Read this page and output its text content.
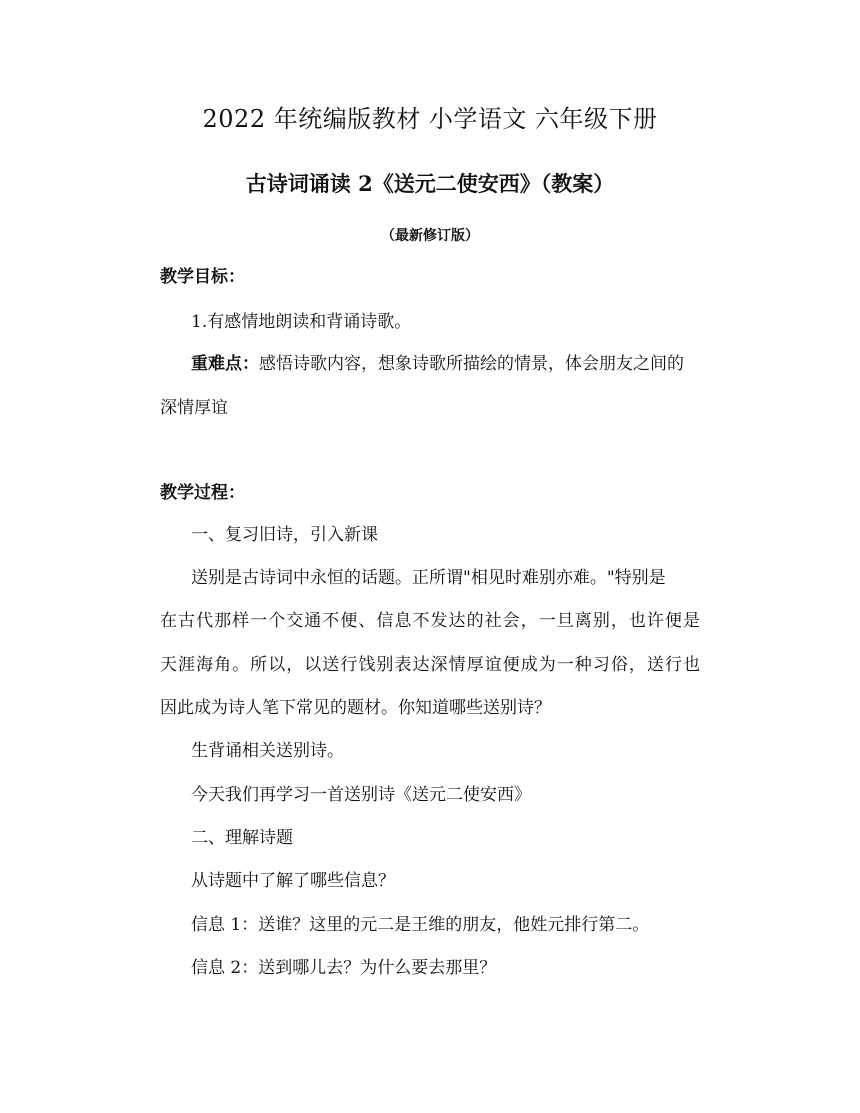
2022 年统编版教材 小学语文 六年级下册
古诗词诵读 2《送元二使安西》（教案）
（最新修订版）
教学目标：
1.有感情地朗读和背诵诗歌。
重难点：感悟诗歌内容，想象诗歌所描绘的情景，体会朋友之间的
深情厚谊
教学过程：
一、复习旧诗，引入新课
送别是古诗词中永恒的话题。正所谓"相见时难别亦难。"特别是
在古代那样一个交通不便、信息不发达的社会，一旦离别，也许便是
天涯海角。所以，以送行饯别表达深情厚谊便成为一种习俗，送行也
因此成为诗人笔下常见的题材。你知道哪些送别诗？
生背诵相关送别诗。
今天我们再学习一首送别诗《送元二使安西》
二、理解诗题
从诗题中了解了哪些信息？
信息 1：送谁？这里的元二是王维的朋友，他姓元排行第二。
信息 2：送到哪儿去？为什么要去那里？
